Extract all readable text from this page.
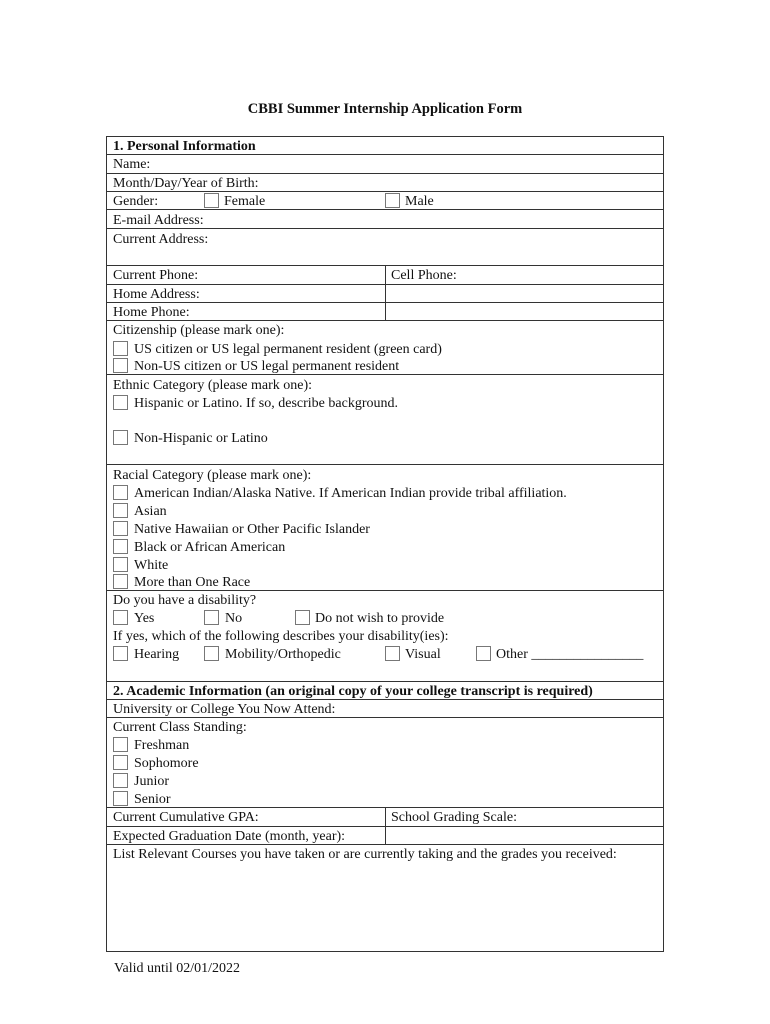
CBBI Summer Internship Application Form
1. Personal Information
Name:
Month/Day/Year of Birth:
Gender:	Female	Male
E-mail Address:
Current Address:
Current Phone:	Cell Phone:
Home Address:
Home Phone:
Citizenship (please mark one):
US citizen or US legal permanent resident (green card)
Non-US citizen or US legal permanent resident
Ethnic Category (please mark one):
Hispanic or Latino. If so, describe background.
Non-Hispanic or Latino
Racial Category (please mark one):
American Indian/Alaska Native. If American Indian provide tribal affiliation.
Asian
Native Hawaiian or Other Pacific Islander
Black or African American
White
More than One Race
Do you have a disability?
Yes	No	Do not wish to provide
If yes, which of the following describes your disability(ies):
Hearing	Mobility/Orthopedic	Visual	Other ________________
2. Academic Information (an original copy of your college transcript is required)
University or College You Now Attend:
Current Class Standing:
Freshman
Sophomore
Junior
Senior
Current Cumulative GPA:	School Grading Scale:
Expected Graduation Date (month, year):
List Relevant Courses you have taken or are currently taking and the grades you received:
Valid until 02/01/2022
